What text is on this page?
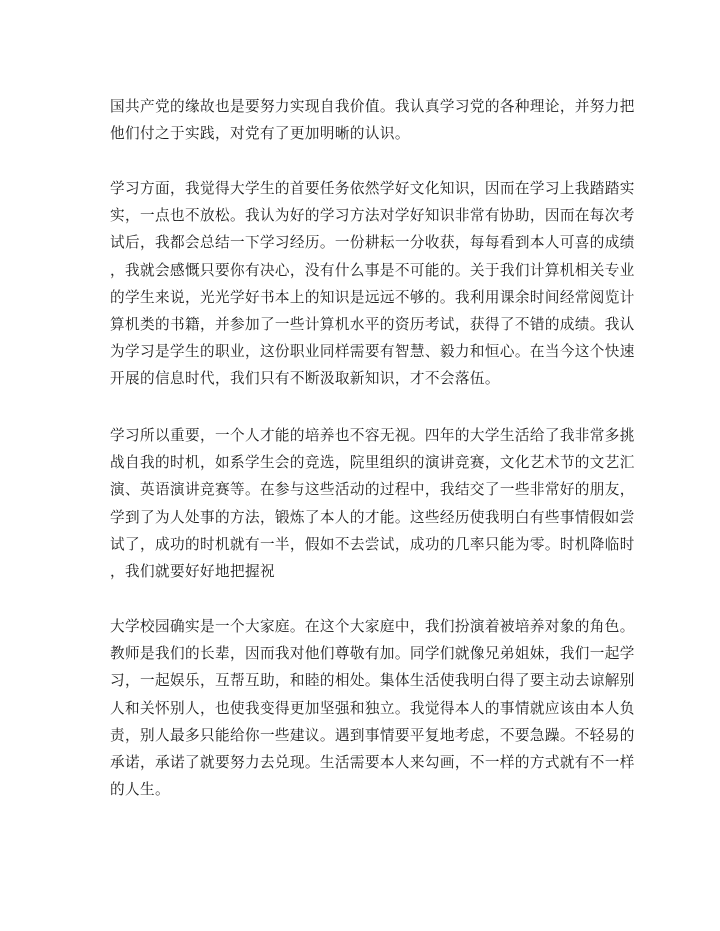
国共产党的缘故也是要努力实现自我价值。我认真学习党的各种理论，并努力把
他们付之于实践，对党有了更加明晰的认识。

学习方面，我觉得大学生的首要任务依然学好文化知识，因而在学习上我踏踏实
实，一点也不放松。我认为好的学习方法对学好知识非常有协助，因而在每次考
试后，我都会总结一下学习经历。一份耕耘一分收获，每每看到本人可喜的成绩
，我就会感慨只要你有决心，没有什么事是不可能的。关于我们计算机相关专业
的学生来说，光光学好书本上的知识是远远不够的。我利用课余时间经常阅览计
算机类的书籍，并参加了一些计算机水平的资历考试，获得了不错的成绩。我认
为学习是学生的职业，这份职业同样需要有智慧、毅力和恒心。在当今这个快速
开展的信息时代，我们只有不断汲取新知识，才不会落伍。

学习所以重要，一个人才能的培养也不容无视。四年的大学生活给了我非常多挑
战自我的时机，如系学生会的竞选，院里组织的演讲竞赛，文化艺术节的文艺汇
演、英语演讲竞赛等。在参与这些活动的过程中，我结交了一些非常好的朋友，
学到了为人处事的方法，锻炼了本人的才能。这些经历使我明白有些事情假如尝
试了，成功的时机就有一半，假如不去尝试，成功的几率只能为零。时机降临时
，我们就要好好地把握祝

大学校园确实是一个大家庭。在这个大家庭中，我们扮演着被培养对象的角色。
教师是我们的长辈，因而我对他们尊敬有加。同学们就像兄弟姐妹，我们一起学
习，一起娱乐，互帮互助，和睦的相处。集体生活使我明白得了要主动去谅解别
人和关怀别人，也使我变得更加坚强和独立。我觉得本人的事情就应该由本人负
责，别人最多只能给你一些建议。遇到事情要平复地考虑，不要急躁。不轻易的
承诺，承诺了就要努力去兑现。生活需要本人来勾画，不一样的方式就有不一样
的人生。
